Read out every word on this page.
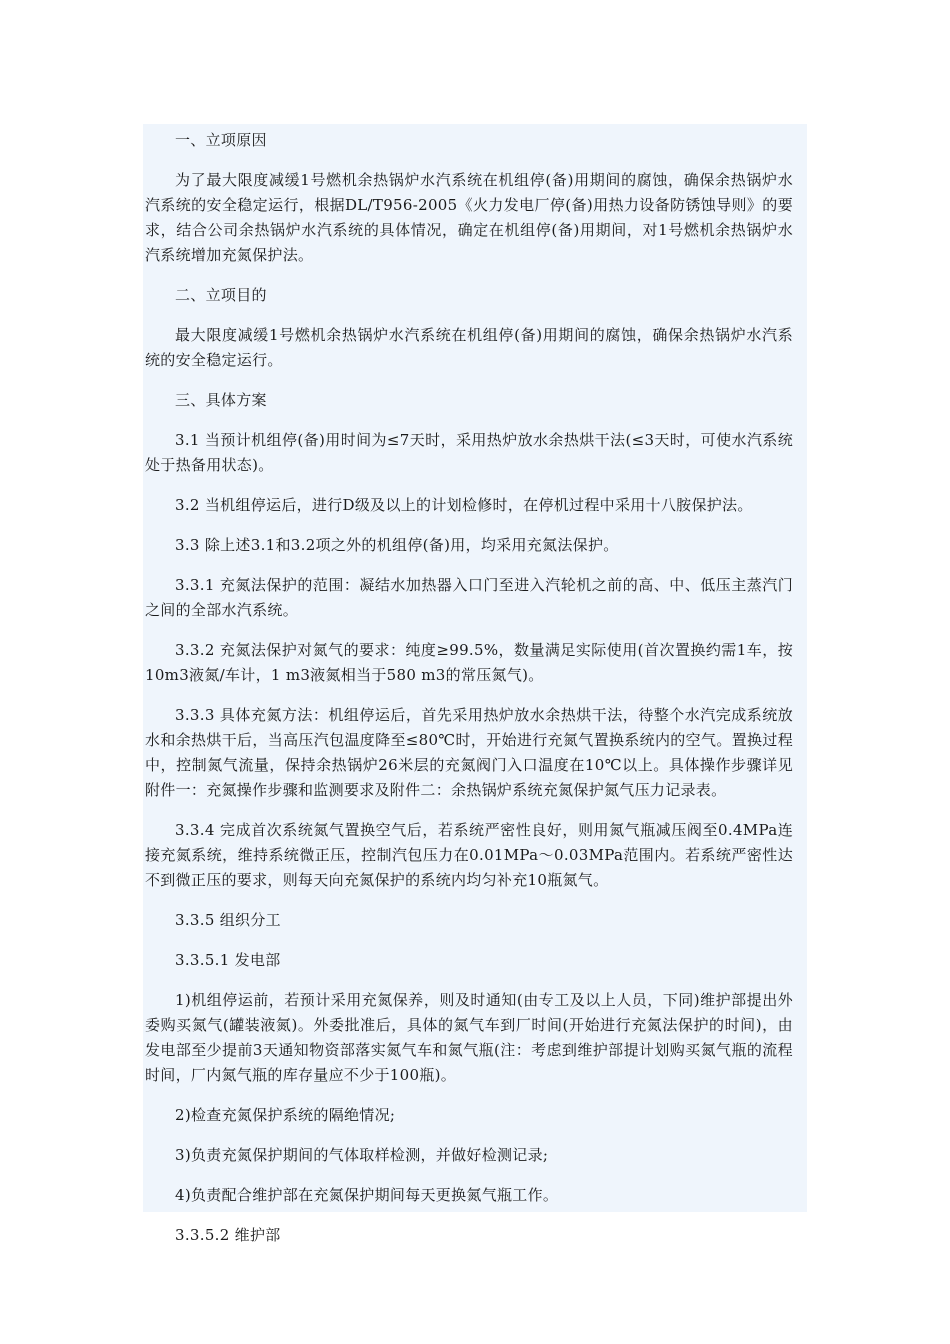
一、立项原因

为了最大限度减缓1号燃机余热锅炉水汽系统在机组停(备)用期间的腐蚀，确保余热锅炉水汽系统的安全稳定运行，根据DL/T956-2005《火力发电厂停(备)用热力设备防锈蚀导则》的要求，结合公司余热锅炉水汽系统的具体情况，确定在机组停(备)用期间，对1号燃机余热锅炉水汽系统增加充氮保护法。

二、立项目的

最大限度减缓1号燃机余热锅炉水汽系统在机组停(备)用期间的腐蚀，确保余热锅炉水汽系统的安全稳定运行。

三、具体方案

3.1 当预计机组停(备)用时间为≤7天时，采用热炉放水余热烘干法(≤3天时，可使水汽系统处于热备用状态)。

3.2 当机组停运后，进行D级及以上的计划检修时，在停机过程中采用十八胺保护法。

3.3 除上述3.1和3.2项之外的机组停(备)用，均采用充氮法保护。

3.3.1 充氮法保护的范围：凝结水加热器入口门至进入汽轮机之前的高、中、低压主蒸汽门之间的全部水汽系统。

3.3.2 充氮法保护对氮气的要求：纯度≥99.5%，数量满足实际使用(首次置换约需1车，按10m3液氮/车计，1 m3液氮相当于580 m3的常压氮气)。

3.3.3 具体充氮方法：机组停运后，首先采用热炉放水余热烘干法，待整个水汽完成系统放水和余热烘干后，当高压汽包温度降至≤80℃时，开始进行充氮气置换系统内的空气。置换过程中，控制氮气流量，保持余热锅炉26米层的充氮阀门入口温度在10℃以上。具体操作步骤详见附件一：充氮操作步骤和监测要求及附件二：余热锅炉系统充氮保护氮气压力记录表。

3.3.4 完成首次系统氮气置换空气后，若系统严密性良好，则用氮气瓶减压阀至0.4MPa连接充氮系统，维持系统微正压，控制汽包压力在0.01MPa～0.03MPa范围内。若系统严密性达不到微正压的要求，则每天向充氮保护的系统内均匀补充10瓶氮气。

3.3.5 组织分工

3.3.5.1 发电部

1)机组停运前，若预计采用充氮保养，则及时通知(由专工及以上人员，下同)维护部提出外委购买氮气(罐装液氮)。外委批准后，具体的氮气车到厂时间(开始进行充氮法保护的时间)，由发电部至少提前3天通知物资部落实氮气车和氮气瓶(注：考虑到维护部提计划购买氮气瓶的流程时间，厂内氮气瓶的库存量应不少于100瓶)。

2)检查充氮保护系统的隔绝情况;

3)负责充氮保护期间的气体取样检测，并做好检测记录;

4)负责配合维护部在充氮保护期间每天更换氮气瓶工作。

3.3.5.2 维护部
